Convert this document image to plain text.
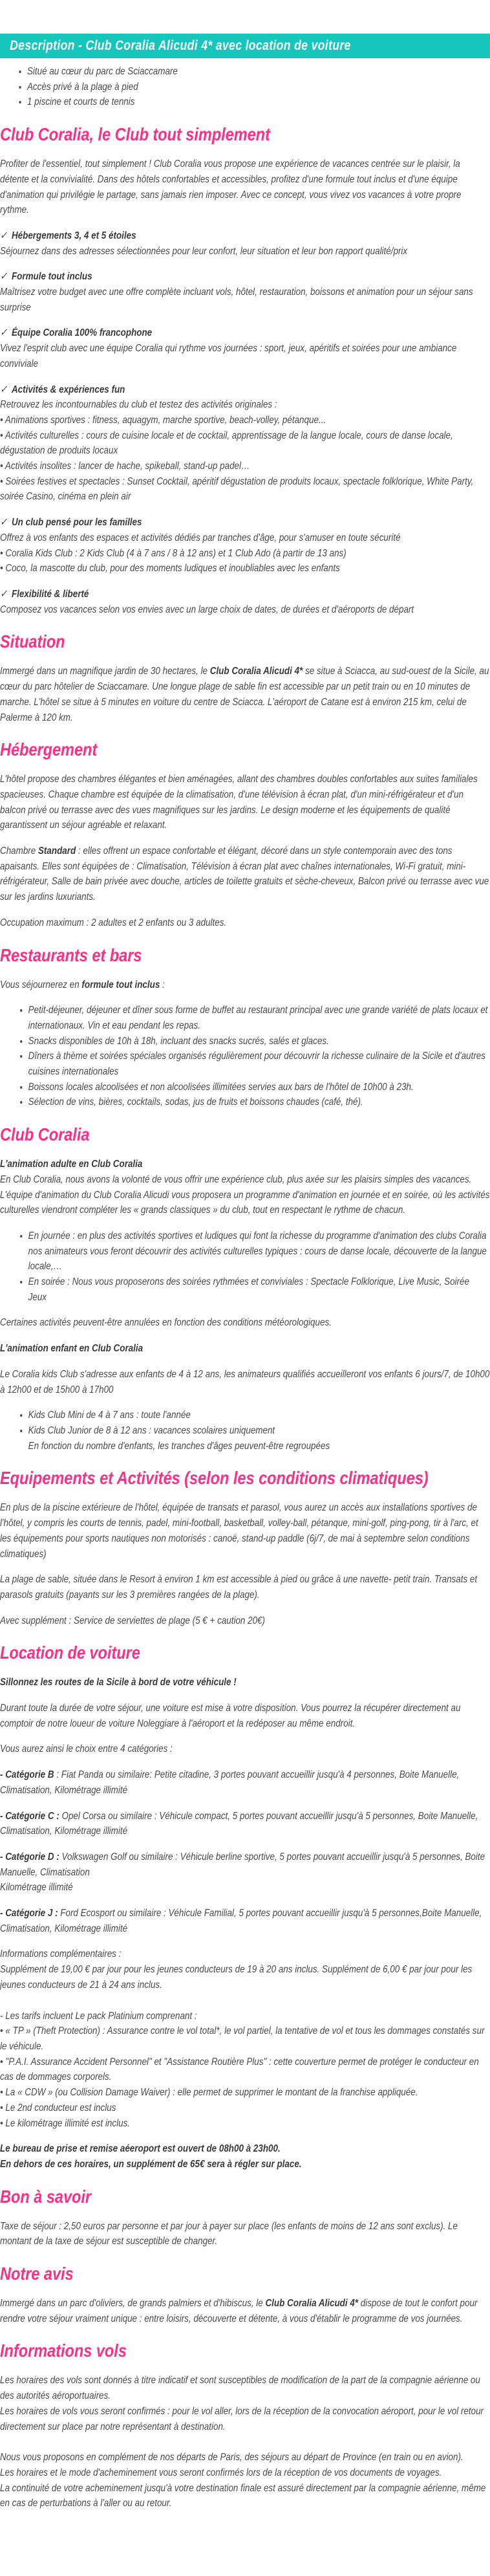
Description - Club Coralia Alicudi 4* avec location de voiture
• Situé au cœur du parc de Sciaccamare
• Accès privé à la plage à pied
• 1 piscine et courts de tennis
Club Coralia, le Club tout simplement
Profiter de l'essentiel, tout simplement ! Club Coralia vous propose une expérience de vacances centrée sur le plaisir, la détente et la convivialité. Dans des hôtels confortables et accessibles, profitez d'une formule tout inclus et d'une équipe d'animation qui privilégie le partage, sans jamais rien imposer. Avec ce concept, vous vivez vos vacances à votre propre rythme.
✓ Hébergements 3, 4 et 5 étoiles
Séjournez dans des adresses sélectionnées pour leur confort, leur situation et leur bon rapport qualité/prix
✓ Formule tout inclus
Maîtrisez votre budget avec une offre complète incluant vols, hôtel, restauration, boissons et animation pour un séjour sans surprise
✓ Équipe Coralia 100% francophone
Vivez l'esprit club avec une équipe Coralia qui rythme vos journées : sport, jeux, apéritifs et soirées pour une ambiance conviviale
✓ Activités & expériences fun
Retrouvez les incontournables du club et testez des activités originales :
• Animations sportives : fitness, aquagym, marche sportive, beach-volley, pétanque...
• Activités culturelles : cours de cuisine locale et de cocktail, apprentissage de la langue locale, cours de danse locale, dégustation de produits locaux
• Activités insolites : lancer de hache, spikeball, stand-up padel…
• Soirées festives et spectacles : Sunset Cocktail, apéritif dégustation de produits locaux, spectacle folklorique, White Party, soirée Casino, cinéma en plein air
✓ Un club pensé pour les familles
Offrez à vos enfants des espaces et activités dédiés par tranches d'âge, pour s'amuser en toute sécurité
• Coralia Kids Club : 2 Kids Club (4 à 7 ans / 8 à 12 ans) et 1 Club Ado (à partir de 13 ans)
• Coco, la mascotte du club, pour des moments ludiques et inoubliables avec les enfants
✓ Flexibilité & liberté
Composez vos vacances selon vos envies avec un large choix de dates, de durées et d'aéroports de départ
Situation
Immergé dans un magnifique jardin de 30 hectares, le Club Coralia Alicudi 4* se situe à Sciacca, au sud-ouest de la Sicile, au cœur du parc hôtelier de Sciaccamare. Une longue plage de sable fin est accessible par un petit train ou en 10 minutes de marche. L'hôtel se situe à 5 minutes en voiture du centre de Sciacca. L'aéroport de Catane est à environ 215 km, celui de Palerme à 120 km.
Hébergement
L'hôtel propose des chambres élégantes et bien aménagées, allant des chambres doubles confortables aux suites familiales spacieuses. Chaque chambre est équipée de la climatisation, d'une télévision à écran plat, d'un mini-réfrigérateur et d'un balcon privé ou terrasse avec des vues magnifiques sur les jardins. Le design moderne et les équipements de qualité garantissent un séjour agréable et relaxant.
Chambre Standard : elles offrent un espace confortable et élégant, décoré dans un style contemporain avec des tons apaisants. Elles sont équipées de : Climatisation, Télévision à écran plat avec chaînes internationales, Wi-Fi gratuit, mini-réfrigérateur, Salle de bain privée avec douche, articles de toilette gratuits et sèche-cheveux, Balcon privé ou terrasse avec vue sur les jardins luxuriants.
Occupation maximum : 2 adultes et 2 enfants ou 3 adultes.
Restaurants et bars
Vous séjournerez en formule tout inclus :
• Petit-déjeuner, déjeuner et dîner sous forme de buffet au restaurant principal avec une grande variété de plats locaux et internationaux. Vin et eau pendant les repas.
• Snacks disponibles de 10h à 18h, incluant des snacks sucrés, salés et glaces.
• Dîners à thème et soirées spéciales organisés régulièrement pour découvrir la richesse culinaire de la Sicile et d'autres cuisines internationales
• Boissons locales alcoolisées et non alcoolisées illimitées servies aux bars de l'hôtel de 10h00 à 23h.
• Sélection de vins, bières, cocktails, sodas, jus de fruits et boissons chaudes (café, thé).
Club Coralia
L'animation adulte en Club Coralia
En Club Coralia, nous avons la volonté de vous offrir une expérience club, plus axée sur les plaisirs simples des vacances. L'équipe d'animation du Club Coralia Alicudi vous proposera un programme d'animation en journée et en soirée, où les activités culturelles viendront compléter les « grands classiques » du club, tout en respectant le rythme de chacun.
• En journée : en plus des activités sportives et ludiques qui font la richesse du programme d'animation des clubs Coralia nos animateurs vous feront découvrir des activités culturelles typiques : cours de danse locale, découverte de la langue locale,…
• En soirée : Nous vous proposerons des soirées rythmées et conviviales : Spectacle Folklorique, Live Music, Soirée Jeux
Certaines activités peuvent-être annulées en fonction des conditions météorologiques.
L'animation enfant en Club Coralia
Le Coralia kids Club s'adresse aux enfants de 4 à 12 ans, les animateurs qualifiés accueilleront vos enfants 6 jours/7, de 10h00 à 12h00 et de 15h00 à 17h00
• Kids Club Mini de 4 à 7 ans : toute l'année
• Kids Club Junior de 8 à 12 ans : vacances scolaires uniquement
En fonction du nombre d'enfants, les tranches d'âges peuvent-être regroupées
Equipements et Activités (selon les conditions climatiques)
En plus de la piscine extérieure de l'hôtel, équipée de transats et parasol, vous aurez un accès aux installations sportives de l'hôtel, y compris les courts de tennis, padel, mini-football, basketball, volley-ball, pétanque, mini-golf, ping-pong, tir à l'arc, et les équipements pour sports nautiques non motorisés : canoë, stand-up paddle (6j/7, de mai à septembre selon conditions climatiques)
La plage de sable, située dans le Resort à environ 1 km est accessible à pied ou grâce à une navette- petit train. Transats et parasols gratuits (payants sur les 3 premières rangées de la plage).
Avec supplément : Service de serviettes de plage (5 € + caution 20€)
Location de voiture
Sillonnez les routes de la Sicile à bord de votre véhicule !
Durant toute la durée de votre séjour, une voiture est mise à votre disposition. Vous pourrez la récupérer directement au comptoir de notre loueur de voiture Noleggiare à l'aéroport et la redéposer au même endroit.
Vous aurez ainsi le choix entre 4 catégories :
- Catégorie B : Fiat Panda ou similaire: Petite citadine, 3 portes pouvant accueillir jusqu'à 4 personnes, Boite Manuelle, Climatisation, Kilométrage illimité
- Catégorie C : Opel Corsa ou similaire : Véhicule compact, 5 portes pouvant accueillir jusqu'à 5 personnes, Boite Manuelle, Climatisation, Kilométrage illimité
- Catégorie D : Volkswagen Golf ou similaire : Véhicule berline sportive, 5 portes pouvant accueillir jusqu'à 5 personnes, Boite Manuelle, Climatisation
Kilométrage illimité
- Catégorie J : Ford Ecosport ou similaire : Véhicule Familial, 5 portes pouvant accueillir jusqu'à 5 personnes,Boite Manuelle, Climatisation, Kilométrage illimité
Informations complémentaires :
Supplément de 19,00 € par jour pour les jeunes conducteurs de 19 à 20 ans inclus. Supplément de 6,00 € par jour pour les jeunes conducteurs de 21 à 24 ans inclus.
- Les tarifs incluent Le pack Platinium comprenant :
• « TP » (Theft Protection) : Assurance contre le vol total*, le vol partiel, la tentative de vol et tous les dommages constatés sur le véhicule.
• "P.A.I. Assurance Accident Personnel" et "Assistance Routière Plus" : cette couverture permet de protéger le conducteur en cas de dommages corporels.
• La « CDW » (ou Collision Damage Waiver) : elle permet de supprimer le montant de la franchise appliquée.
• Le 2nd conducteur est inclus
• Le kilométrage illimité est inclus.
Le bureau de prise et remise aéeroport est ouvert de 08h00 à 23h00.
En dehors de ces horaires, un supplément de 65€ sera à régler sur place.
Bon à savoir
Taxe de séjour : 2,50 euros par personne et par jour à payer sur place (les enfants de moins de 12 ans sont exclus). Le montant de la taxe de séjour est susceptible de changer.
Notre avis
Immergé dans un parc d'oliviers, de grands palmiers et d'hibiscus, le Club Coralia Alicudi 4* dispose de tout le confort pour rendre votre séjour vraiment unique : entre loisirs, découverte et détente, à vous d'établir le programme de vos journées.
Informations vols
Les horaires des vols sont donnés à titre indicatif et sont susceptibles de modification de la part de la compagnie aérienne ou des autorités aéroportuaires.
Les horaires de vols vous seront confirmés : pour le vol aller, lors de la réception de la convocation aéroport, pour le vol retour directement sur place par notre représentant à destination.
Nous vous proposons en complément de nos départs de Paris, des séjours au départ de Province (en train ou en avion).
Les horaires et le mode d'acheminement vous seront confirmés lors de la réception de vos documents de voyages.
La continuité de votre acheminement jusqu'à votre destination finale est assuré directement par la compagnie aérienne, même en cas de perturbations à l'aller ou au retour.
